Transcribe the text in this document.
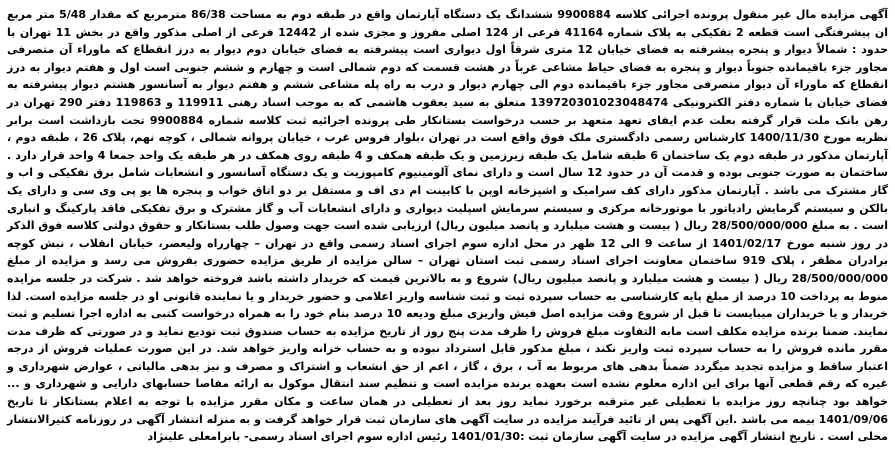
آگهی مزایده مال غیر منقول پرونده اجرائی کلاسه 9900884 ششدانگ یک دستگاه آپارتمان واقع در طبقه دوم به مساحت 86/38 مترمربع که مقدار 5/48 متر مربع ان پیشرفتگی است قطعه 2 تفکیکی به پلاک شماره 41164 فرعی از 124 اصلی مفروز و مجزی شده از 12442 فرعی از اصلی مذکور واقع در بخش 11 تهران با حدود : شمالاً دیوار و پنجره پیشرفته به فضای خیابان 12 متری شرقاً اول دیواری است پیشرفته به فضای خیابان دوم دیوار به درز انقطاع که ماوراء آن متصرفی مجاور جزء باقیمانده جنوباً دیوار و پنجره به فضای حیاط مشاعی غرباً در هشت قسمت که دوم شمالی است و چهارم و ششم جنوبی است اول و هفتم دیوار به درز انقطاع که ماوراء آن دیوار متصرفی مجاور جزء باقیمانده دوم الی چهارم دیوار و درب به راه پله مشاعی ششم و هفتم دیوار به آسانسور هشتم دیوار پیشرفته به فضای خیابان با شماره دفتر الکترونیکی 139720301023048474 متعلق به سید یعقوب هاشمی که به موجب اسناد رهنی 119911 و 119863 دفتر 290 تهران در رهن بانک ملت قرار گرفته بعلت عدم ایفای تعهد متعهد بر حسب درخواست بستانکار طی پرونده اجرائیه ثبت کلاسه شماره 9900884 تحت بازداشت است برابر نظریه مورخ 1400/11/30 کارشناس رسمی دادگستری ملک فوق واقع است در تهران ،بلوار فروس غرب ، خیابان پروانه شمالی ، کوچه نهم، پلاک 26 ، طبقه دوم ، آپارتمان مذکور در طبقه دوم یک ساختمان 6 طبقه شامل یک طبقه زیرزمین و یک طبقه همکف و 4 طبقه روی همکف در هر طبقه یک واحد جمعا 4 واحد قرار دارد . ساختمان به صورت جنوبی بوده و قدمت آن در حدود 12 سال است و دارای نمای آلومینیوم کامپوزیت و یک دستگاه آسانسور و انشعابات شامل برق تفکیکی و اب و گاز مشترک می باشد . آپارتمان مذکور دارای کف سرامیک و اشپزخانه اوپن با کابینت ام دی اف و مستقل بر دو اتاق خواب و پنجره ها یو پی وی سی و دارای یک بالکن و سیستم گرمایش رادیاتور با موتورخانه مرکزی و سیستم سرمایش اسپلیت دیواری و دارای انشعابات آب و گاز مشترک و برق تفکیکی فاقد پارکینگ و انباری است . به مبلغ 28/500/000/000 ریال ( بیست و هشت میلیارد و پانصد میلیون ریال) ارزیابی شده است جهت وصول طلب بستانکار و حقوق دولتی کلاسه فوق الذکر در روز شنبه مورخ 1401/02/17 از ساعت 9 الی 12 ظهر در محل اداره سوم اجرای اسناد رسمی واقع در تهران – چهارراه ولیعصر، خیابان انقلاب ، نبش کوچه برادران مظفر ، پلاک 919 ساختمان معاونت اجرای اسناد رسمی ثبت استان تهران – سالن مزایده از طریق مزایده حضوری بفروش می رسد و مزایده از مبلغ 28/500/000/000 ریال ( بیست و هشت میلیارد و پانصد میلیون ریال) شروع و به بالاترین قیمت که خریدار داشته باشد فروخته خواهد شد . شرکت در جلسه مزایده منوط به پرداخت 10 درصد از مبلغ پایه کارشناسی به حساب سپرده ثبت و ثبت شناسه واریز اعلامی و حضور خریدار و یا نماینده قانونی او در جلسه مزایده است. لذا خریدار و یا خریداران میبایست تا قبل از شروع وقت مزایده اصل فیش واریزی مبلغ ودیعه 10 درصد بنام خود را به همراه درخواست کتبی به اداره اجرا تسلیم و ثبت نمایند. ضمنا برنده مزایده مکلف است مابه التفاوت مبلغ فروش را ظرف مدت پنج روز از تاریخ مزایده به حساب صندوق ثبت تودیع نماید و در صورتی که ظرف مدت مقرر مانده فروش را به حساب سپرده ثبت واریز نکند ، مبلغ مذکور قابل استرداد نبوده و به حساب خزانه واریز خواهد شد. در این صورت عملیات فروش از درجه اعتبار ساقط و مزایده تجدید میگردد ضمناً بدهی های مربوط به آب ، برق ، گاز ، اعم از حق انشعاب و اشتراک و مصرف و نیز بدهی مالیاتی ، عوارض شهرداری و غیره که رقم قطعی آنها برای این اداره معلوم نشده است بعهده برنده مزایده است و تنظیم سند انتقال موکول به ارائه مفاصا حسابهای دارایی و شهرداری و ... خواهد بود چنانچه روز مزایده با تعطیلی غیر مترقبه برخورد نماید روز بعد از تعطیلی در همان ساعت و مکان مقرر مزایده با توجه به اعلام بستانکار تا تاریخ 1401/09/06 بیمه می باشد .این آگهی پس از تائید فرآیند مزایده در سایت آگهی های سازمان ثبت قرار خواهد گرفت و به منزله انتشار آگهی در روزنامه کثیرالانتشار محلی است . تاریخ انتشار آگهی مزایده در سایت آگهی سازمان ثبت :1401/01/30 رئیس اداره سوم اجرای اسناد رسمی- بابرامعلی علینژاد
